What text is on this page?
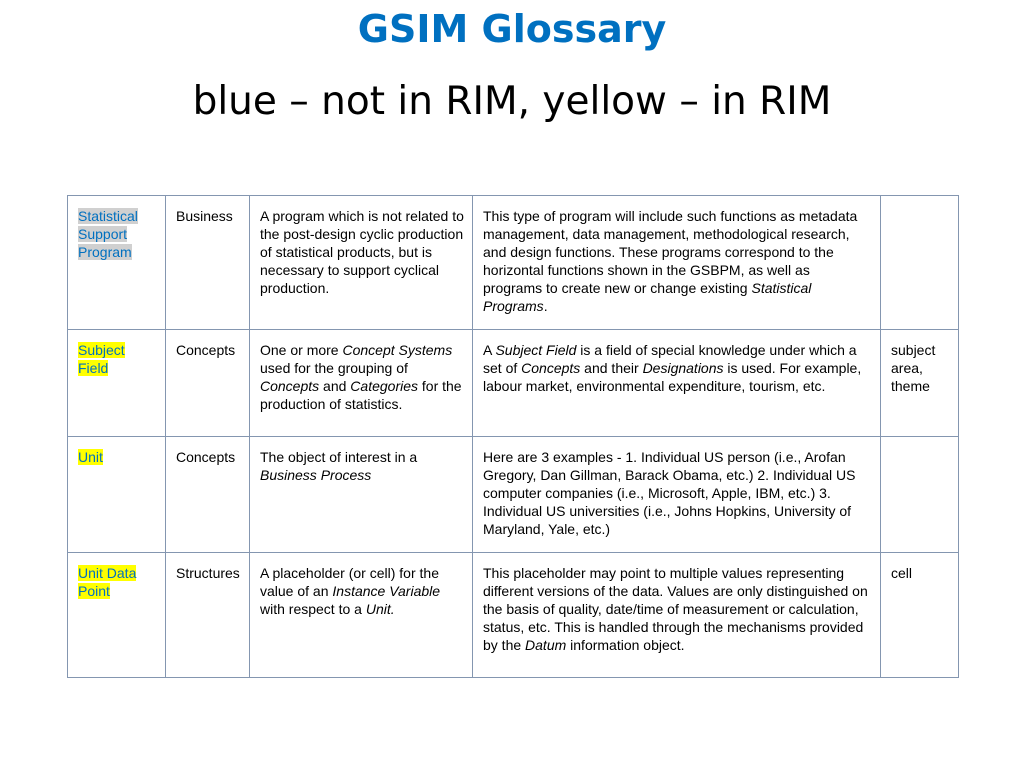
GSIM Glossary
blue – not in RIM, yellow – in RIM
Statistical Support Program	Business	A program which is not related to the post-design cyclic production of statistical products, but is necessary to support cyclical production.	This type of program will include such functions as metadata management, data management, methodological research, and design functions. These programs correspond to the horizontal functions shown in the GSBPM, as well as programs to create new or change existing Statistical Programs.	
Subject Field	Concepts	One or more Concept Systems used for the grouping of Concepts and Categories for the production of statistics.	A Subject Field is a field of special knowledge under which a set of Concepts and their Designations is used. For example, labour market, environmental expenditure, tourism, etc.	subject area, theme
Unit	Concepts	The object of interest in a Business Process	Here are 3 examples - 1. Individual US person (i.e., Arofan Gregory, Dan Gillman, Barack Obama, etc.) 2. Individual US computer companies (i.e., Microsoft, Apple, IBM, etc.) 3. Individual US universities (i.e., Johns Hopkins, University of Maryland, Yale, etc.)	
Unit Data Point	Structures	A placeholder (or cell) for the value of an Instance Variable with respect to a Unit.	This placeholder may point to multiple values representing different versions of the data. Values are only distinguished on the basis of quality, date/time of measurement or calculation, status, etc. This is handled through the mechanisms provided by the Datum information object.	cell
